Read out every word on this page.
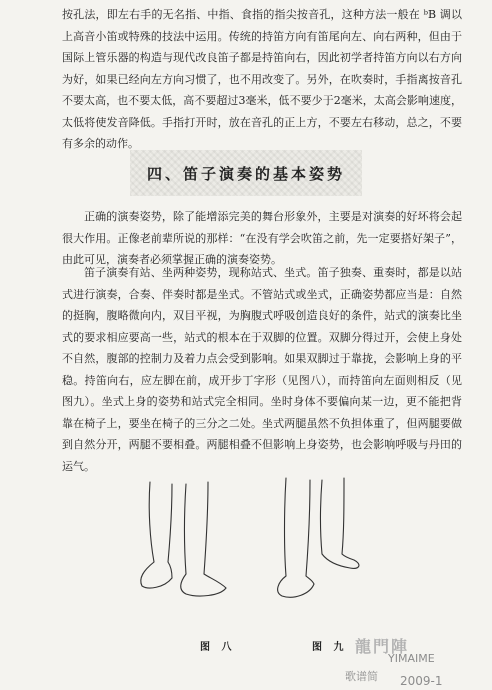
按孔法，即左右手的无名指、中指、食指的指尖按音孔，这种方法一般在 ᵇB 调以上高音小笛或特殊的技法中运用。传统的持笛方向有笛尾向左、向右两种，但由于国际上管乐器的构造与现代改良笛子都是持笛向右，因此初学者持笛方向以右方向为好，如果已经向左方向习惯了，也不用改变了。另外，在吹奏时，手指离按音孔不要太高，也不要太低，高不要超过3毫米，低不要少于2毫米，太高会影响速度，太低将使发音降低。手指打开时，放在音孔的正上方，不要左右移动，总之，不要有多余的动作。

四、笛子演奏的基本姿势

正确的演奏姿势，除了能增添完美的舞台形象外，主要是对演奏的好坏将会起很大作用。正像老前辈所说的那样：“在没有学会吹笛之前，先一定要搭好架子”，由此可见，演奏者必须掌握正确的演奏姿势。

笛子演奏有站、坐两种姿势，现称站式、坐式。笛子独奏、重奏时，都是以站式进行演奏，合奏、伴奏时都是坐式。不管站式或坐式，正确姿势都应当是：自然的挺胸，腹略微向内，双目平视，为胸腹式呼吸创造良好的条件，站式的演奏比坐式的要求相应要高一些，站式的根本在于双脚的位置。双脚分得过开，会使上身处不自然，腹部的控制力及着力点会受到影响。如果双脚过于靠拢，会影响上身的平稳。持笛向右，应左脚在前，成开步丁字形（见图八），而持笛向左面则相反（见图九）。坐式上身的姿势和站式完全相同。坐时身体不要偏向某一边，更不能把背靠在椅子上，要坐在椅子的三分之二处。坐式两腿虽然不负担体重了，但两腿要做到自然分开，两腿不要相叠。两腿相叠不但影响上身姿势，也会影响呼吸与丹田的运气。

图 八	图 九 龍門陣
YIMAIME
歌谱简 2009-1
